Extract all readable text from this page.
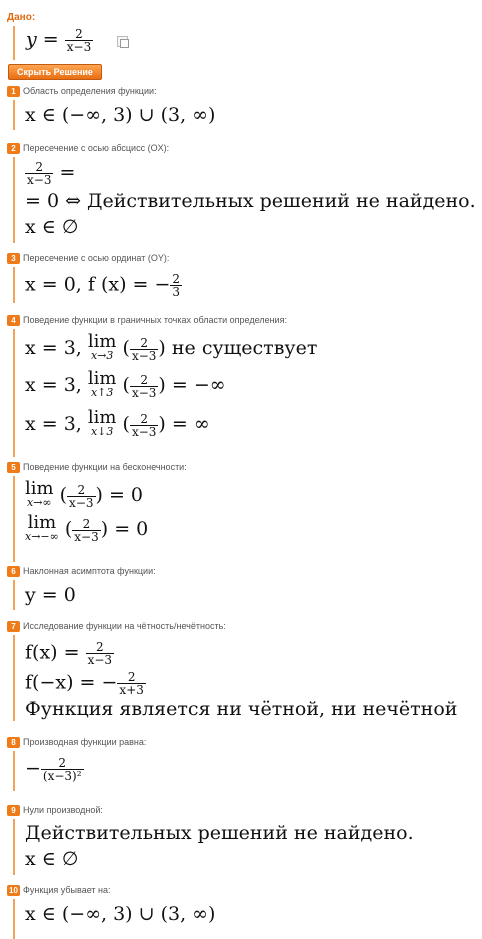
Дано:
$y = \frac{2}{x-3}$
Скрыть Решение
1 Область определения функции:
x ∈ (−∞, 3) ∪ (3, ∞)
2 Пересечение с осью абсцисс (OX):
$\frac{2}{x-3}$ =
= 0 ⇔ Действительных решений не найдено.
x ∈ ∅
3 Пересечение с осью ординат (OY):
x = 0, f (x) = − $\frac{2}{3}$
4 Поведение функции в граничных точках области определения:
x = 3, lim
x→3 ( $\frac{2}{x-3}$ ) не существует
x = 3, lim
x↑3 ( $\frac{2}{x-3}$ ) = −∞
x = 3, lim
x↓3 ( $\frac{2}{x-3}$ ) = ∞
5 Поведение функции на бесконечности:
lim
x→∞ ( $\frac{2}{x-3}$ ) = 0
lim
x→−∞ ( $\frac{2}{x-3}$ ) = 0
6 Наклонная асимптота функции:
y = 0
7 Исследование функции на чётность/нечётность:
$f(x) = \frac{2}{x-3}$
f(−x) = − $\frac{2}{x+3}$
Функция является ни чётной, ни нечётной
8 Производная функции равна:
− $\frac{2}{\text{(x−3)²}}$
9 Нули производной:
Действительных решений не найдено.
x ∈ ∅
10 Функция убывает на:
x ∈ (−∞, 3) ∪ (3, ∞)
